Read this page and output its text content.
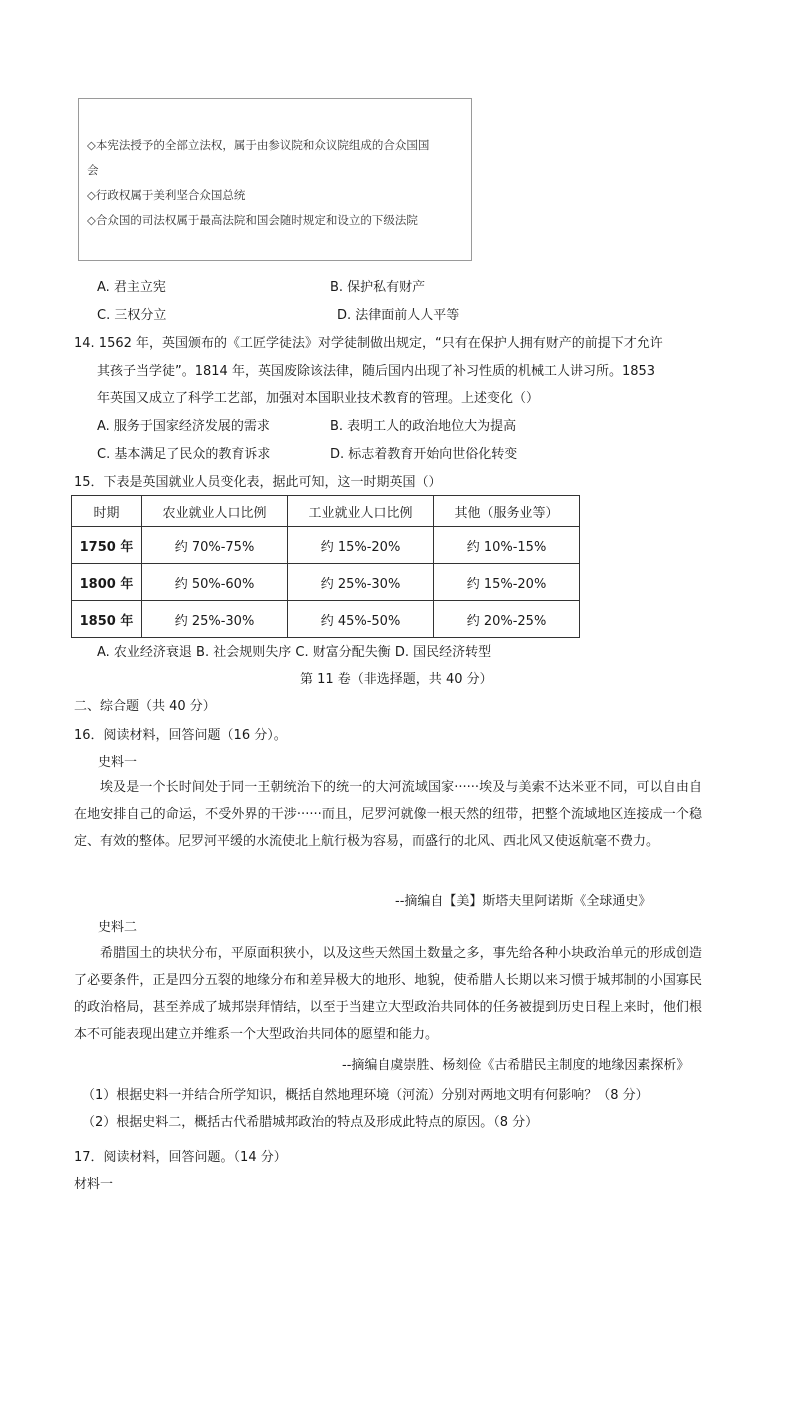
◇本宪法授予的全部立法权，属于由参议院和众议院组成的合众国国
会
◇行政权属于美利坚合众国总统
◇合众国的司法权属于最高法院和国会随时规定和设立的下级法院
A. 君主立宪	B. 保护私有财产
C. 三权分立	D. 法律面前人人平等
14. 1562 年，英国颁布的《工匠学徒法》对学徒制做出规定，“只有在保护人拥有财产的前提下才允许
其孩子当学徒”。1814 年，英国废除该法律，随后国内出现了补习性质的机械工人讲习所。1853
年英国又成立了科学工艺部，加强对本国职业技术教育的管理。上述变化（）
A. 服务于国家经济发展的需求	B. 表明工人的政治地位大为提高
C. 基本满足了民众的教育诉求	D. 标志着教育开始向世俗化转变
15．下表是英国就业人员变化表，据此可知，这一时期英国（）
时期	农业就业人口比例	工业就业人口比例	其他（服务业等）
1750 年	约 70%-75%	约 15%-20%	约 10%-15%
1800 年	约 50%-60%	约 25%-30%	约 15%-20%
1850 年	约 25%-30%	约 45%-50%	约 20%-25%
A. 农业经济衰退 B. 社会规则失序 C. 财富分配失衡 D. 国民经济转型
第 11 卷（非选择题，共 40 分）
二、综合题（共 40 分）
16．阅读材料，回答问题（16 分）。
史料一
埃及是一个长时间处于同一王朝统治下的统一的大河流域国家······埃及与美索不达米亚不同，可以自由自在地安排自己的命运，不受外界的干涉······而且，尼罗河就像一根天然的纽带，把整个流域地区连接成一个稳定、有效的整体。尼罗河平缓的水流使北上航行极为容易，而盛行的北风、西北风又使返航毫不费力。
--摘编自【美】斯塔夫里阿诺斯《全球通史》
史料二
希腊国土的块状分布，平原面积狭小，以及这些天然国土数量之多，事先给各种小块政治单元的形成创造了必要条件，正是四分五裂的地缘分布和差异极大的地形、地貌，使希腊人长期以来习惯于城邦制的小国寡民的政治格局，甚至养成了城邦崇拜情结，以至于当建立大型政治共同体的任务被提到历史日程上来时，他们根本不可能表现出建立并维系一个大型政治共同体的愿望和能力。
--摘编自虞崇胜、杨刻俭《古希腊民主制度的地缘因素探析》
（1）根据史料一并结合所学知识，概括自然地理环境（河流）分别对两地文明有何影响？（8 分）
（2）根据史料二，概括古代希腊城邦政治的特点及形成此特点的原因。（8 分）
17．阅读材料，回答问题。（14 分）
材料一
